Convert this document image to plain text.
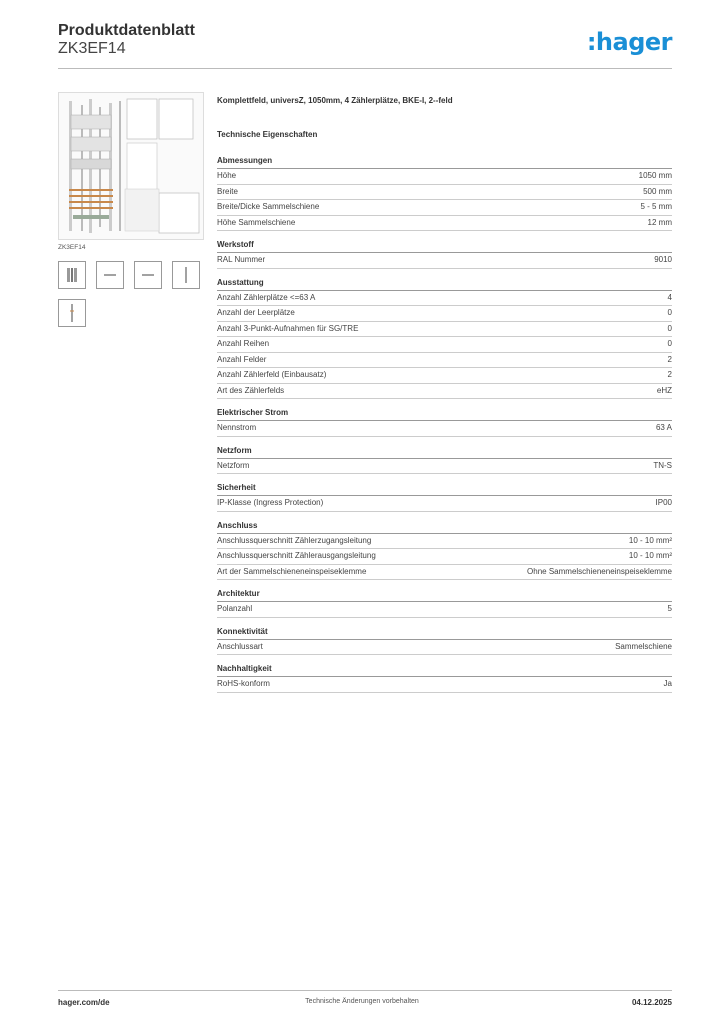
Produktdatenblatt
ZK3EF14	:hager
ZK3EF14
Komplettfeld, universZ, 1050mm, 4 Zählerplätze, BKE-I, 2--feld
Technische Eigenschaften
Abmessungen
Höhe	1050 mm
Breite	500 mm
Breite/Dicke Sammelschiene	5 - 5 mm
Höhe Sammelschiene	12 mm
Werkstoff
RAL Nummer	9010
Ausstattung
Anzahl Zählerplätze <=63 A	4
Anzahl der Leerplätze	0
Anzahl 3-Punkt-Aufnahmen für SG/TRE	0
Anzahl Reihen	0
Anzahl Felder	2
Anzahl Zählerfeld (Einbausatz)	2
Art des Zählerfelds	eHZ
Elektrischer Strom
Nennstrom	63 A
Netzform
Netzform	TN-S
Sicherheit
IP-Klasse (Ingress Protection)	IP00
Anschluss
Anschlussquerschnitt Zählerzugangsleitung	10 - 10 mm²
Anschlussquerschnitt Zählerausgangsleitung	10 - 10 mm²
Art der Sammelschieneneinspeiseklemme	Ohne Sammelschieneneinspeiseklemme
Architektur
Polanzahl	5
Konnektivität
Anschlussart	Sammelschiene
Nachhaltigkeit
RoHS-konform	Ja
hager.com/de	Technische Änderungen vorbehalten	04.12.2025
